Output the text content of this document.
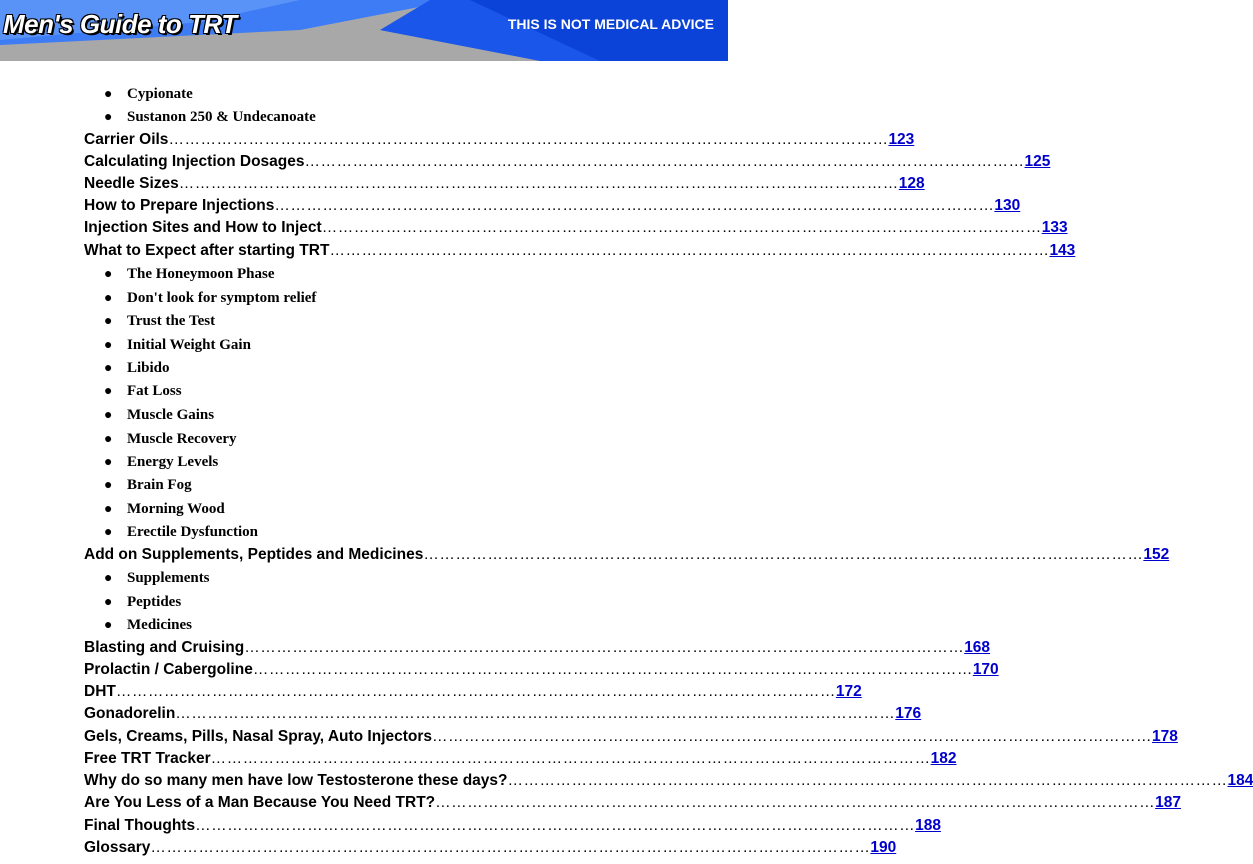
Men's Guide to TRT	THIS IS NOT MEDICAL ADVICE
● Cypionate
● Sustanon 250 & Undecanoate
Carrier Oils ……………………………………………………………………………………………………………………… 123
Calculating Injection Dosages ……………………………………………………………………………………………………………………… 125
Needle Sizes ……………………………………………………………………………………………………………………… 128
How to Prepare Injections ……………………………………………………………………………………………………………………… 130
Injection Sites and How to Inject ……………………………………………………………………………………………………………………… 133
What to Expect after starting TRT ……………………………………………………………………………………………………………………… 143
● The Honeymoon Phase
● Don't look for symptom relief
● Trust the Test
● Initial Weight Gain
● Libido
● Fat Loss
● Muscle Gains
● Muscle Recovery
● Energy Levels
● Brain Fog
● Morning Wood
● Erectile Dysfunction
Add on Supplements, Peptides and Medicines ……………………………………………………………………………………………………………………… 152
● Supplements
● Peptides
● Medicines
Blasting and Cruising ……………………………………………………………………………………………………………………… 168
Prolactin / Cabergoline ……………………………………………………………………………………………………………………… 170
DHT ……………………………………………………………………………………………………………………… 172
Gonadorelin ……………………………………………………………………………………………………………………… 176
Gels, Creams, Pills, Nasal Spray, Auto Injectors ……………………………………………………………………………………………………………………… 178
Free TRT Tracker ……………………………………………………………………………………………………………………… 182
Why do so many men have low Testosterone these days? ……………………………………………………………………………………………………………………… 184
Are You Less of a Man Because You Need TRT? ……………………………………………………………………………………………………………………… 187
Final Thoughts ……………………………………………………………………………………………………………………… 188
Glossary ……………………………………………………………………………………………………………………… 190
